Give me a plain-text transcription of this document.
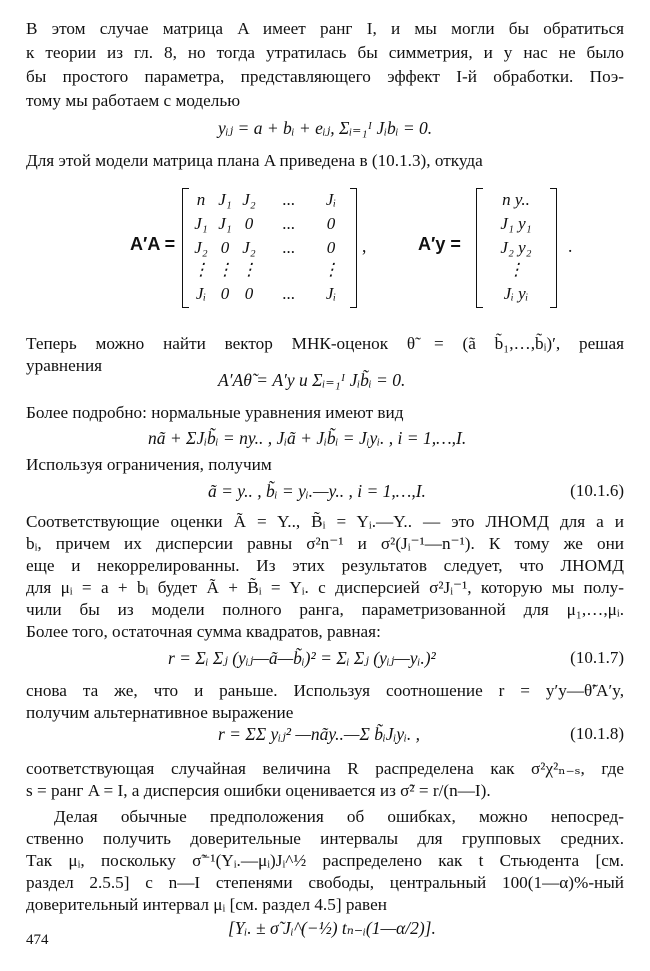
В этом случае матрица A имеет ранг I, и мы могли бы обратиться
к теории из гл. 8, но тогда утратилась бы симметрия, и у нас не было
бы простого параметра, представляющего эффект I-й обработки. Поэ-
тому мы работаем с моделью
yᵢⱼ = a + bᵢ + eᵢⱼ, Σᵢ₌₁ᴵ Jᵢbᵢ = 0.
Для этой модели матрица плана A приведена в (10.1.3), откуда
A′A =
n J₁ J₂	...	Jᵢ
J₁ J₁ 0	...	0
J₂ 0 J₂	...	0
⋮ ⋮ ⋮	⋮
Jᵢ 0 0	...	Jᵢ
,	A′y =
n y..
J₁ y₁
J₂ y₂
⋮
Jᵢ yᵢ
.
Теперь можно найти вектор МНК-оценок θ̃ = (ã b̃₁,…,b̃ᵢ)′, решая
уравнения
A′Aθ̃ = A′y и Σᵢ₌₁ᴵ Jᵢb̃ᵢ = 0.
Более подробно: нормальные уравнения имеют вид
nã + ΣJᵢb̃ᵢ = ny.. , Jᵢã + Jᵢb̃ᵢ = Jᵢyᵢ. , i = 1,…,I.
Используя ограничения, получим
ã = y.. , b̃ᵢ = yᵢ.—y.. , i = 1,…,I.	(10.1.6)
Соответствующие оценки Ã = Y.., B̃ᵢ = Yᵢ.—Y.. — это ЛНОМД для a и
bᵢ, причем их дисперсии равны σ²n⁻¹ и σ²(Jᵢ⁻¹—n⁻¹). К тому же они
еще и некоррелированны. Из этих результатов следует, что ЛНОМД
для μᵢ = a + bᵢ будет Ã + B̃ᵢ = Yᵢ. с дисперсией σ²Jᵢ⁻¹, которую мы полу-
чили бы из модели полного ранга, параметризованной для μ₁,…,μᵢ.
Более того, остаточная сумма квадратов, равная:
r = Σᵢ Σⱼ (yᵢⱼ—ã—b̃ᵢ)² = Σᵢ Σⱼ (yᵢⱼ—yᵢ.)²	(10.1.7)
снова та же, что и раньше. Используя соотношение r = y′y—θ̃′A′y,
получим альтернативное выражение
r = ΣΣ yᵢⱼ² —nãy..—Σ b̃ᵢJᵢyᵢ. ,	(10.1.8)
соответствующая случайная величина R распределена как σ²χ²ₙ₋ₛ, где
s = ранг A = I, а дисперсия ошибки оценивается из σ̃² = r/(n—I).
Делая обычные предположения об ошибках, можно непосред-
ственно получить доверительные интервалы для групповых средних.
Так μᵢ, поскольку σ̃⁻¹(Yᵢ.—μᵢ)Jᵢ^½ распределено как t Стьюдента [см.
раздел 2.5.5] с n—I степенями свободы, центральный 100(1—α)%-ный
доверительный интервал μᵢ [см. раздел 4.5] равен
[Yᵢ. ± σ̃ Jᵢ^(−½) tₙ₋ᵢ(1—α/2)].
474
